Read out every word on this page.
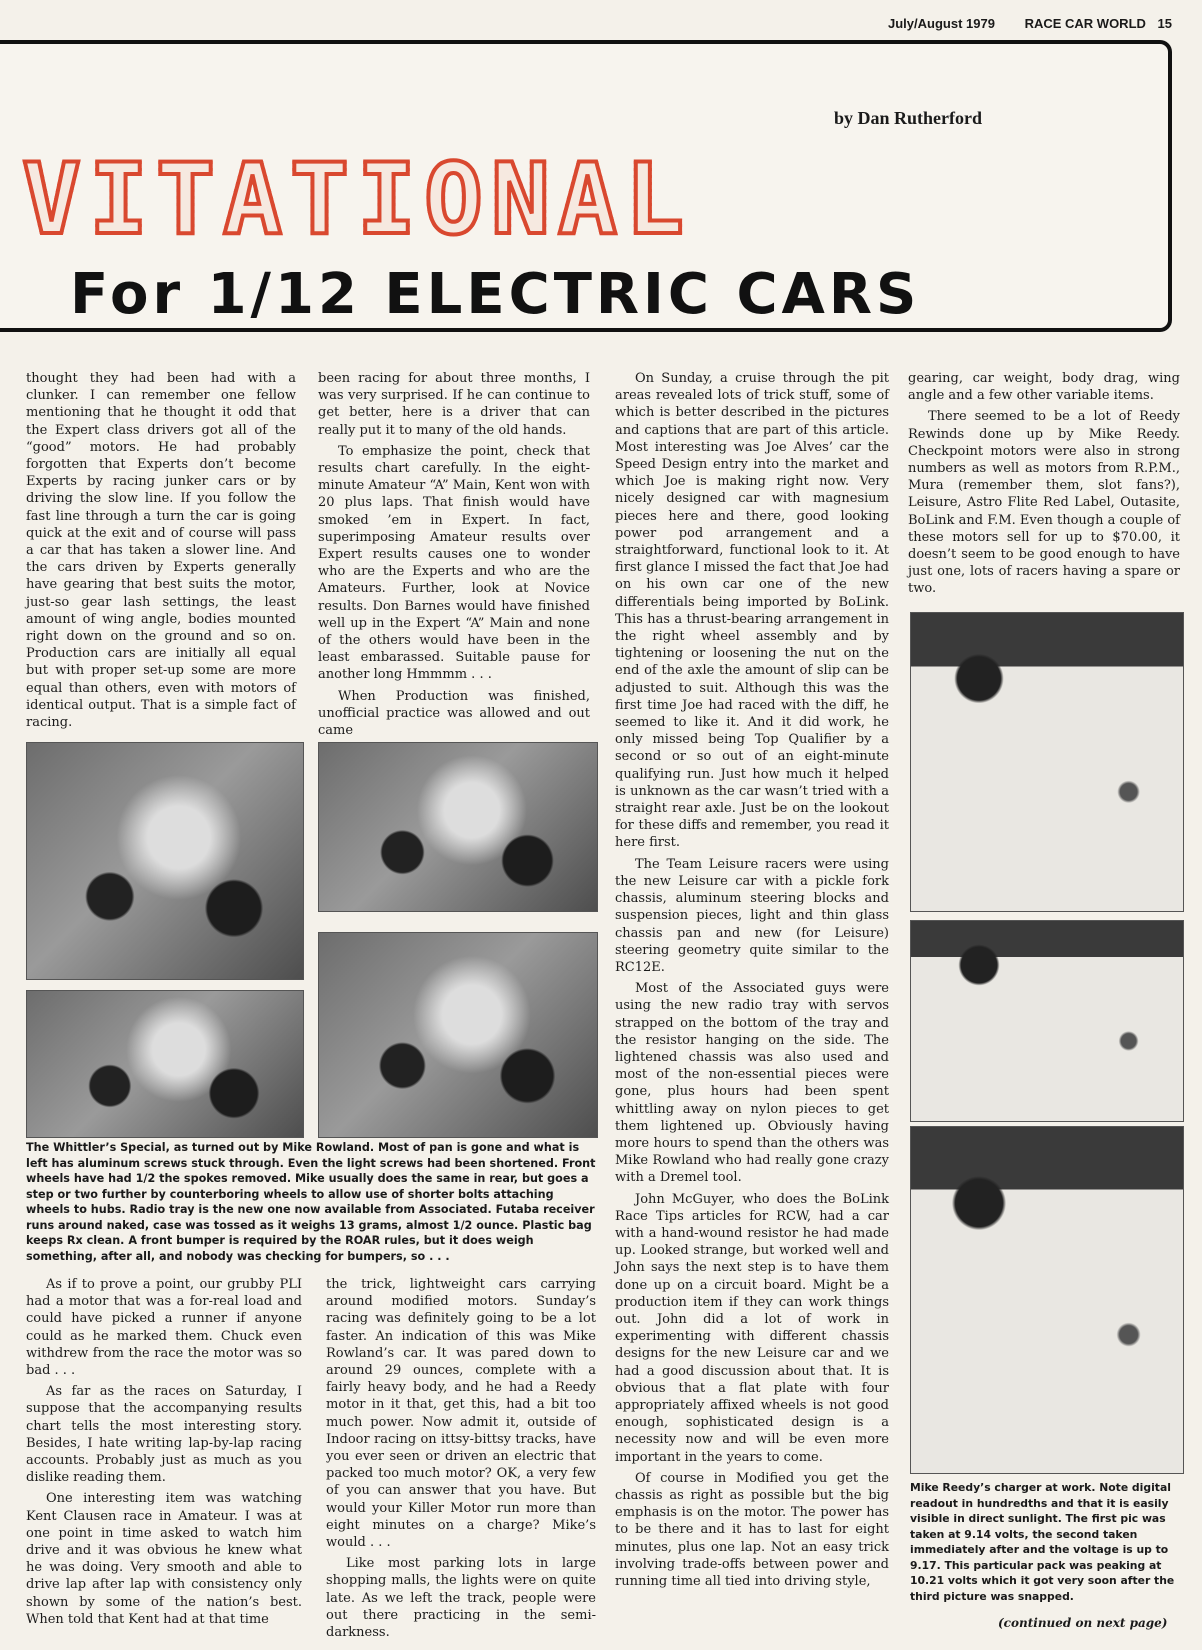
July/August 1979 RACE CAR WORLD 15
by Dan Rutherford
VITATIONAL
For 1/12 ELECTRIC CARS

thought they had been had with a clunker. I can remember one fellow mentioning that he thought it odd that the Expert class drivers got all of the “good” motors. He had probably forgotten that Experts don’t become Experts by racing junker cars or by driving the slow line. If you follow the fast line through a turn the car is going quick at the exit and of course will pass a car that has taken a slower line. And the cars driven by Experts generally have gearing that best suits the motor, just-so gear lash settings, the least amount of wing angle, bodies mounted right down on the ground and so on. Production cars are initially all equal but with proper set-up some are more equal than others, even with motors of identical output. That is a simple fact of racing.

been racing for about three months, I was very surprised. If he can continue to get better, here is a driver that can really put it to many of the old hands.

To emphasize the point, check that results chart carefully. In the eight-minute Amateur “A” Main, Kent won with 20 plus laps. That finish would have smoked ’em in Expert. In fact, superimposing Amateur results over Expert results causes one to wonder who are the Experts and who are the Amateurs. Further, look at Novice results. Don Barnes would have finished well up in the Expert “A” Main and none of the others would have been in the least embarassed. Suitable pause for another long Hmmmm . . .

When Production was finished, unofficial practice was allowed and out came

On Sunday, a cruise through the pit areas revealed lots of trick stuff, some of which is better described in the pictures and captions that are part of this article. Most interesting was Joe Alves’ car the Speed Design entry into the market and which Joe is making right now. Very nicely designed car with magnesium pieces here and there, good looking power pod arrangement and a straightforward, functional look to it. At first glance I missed the fact that Joe had on his own car one of the new differentials being imported by BoLink. This has a thrust-bearing arrangement in the right wheel assembly and by tightening or loosening the nut on the end of the axle the amount of slip can be adjusted to suit. Although this was the first time Joe had raced with the diff, he seemed to like it. And it did work, he only missed being Top Qualifier by a second or so out of an eight-minute qualifying run. Just how much it helped is unknown as the car wasn’t tried with a straight rear axle. Just be on the lookout for these diffs and remember, you read it here first.

The Team Leisure racers were using the new Leisure car with a pickle fork chassis, aluminum steering blocks and suspension pieces, light and thin glass chassis pan and new (for Leisure) steering geometry quite similar to the RC12E.

Most of the Associated guys were using the new radio tray with servos strapped on the bottom of the tray and the resistor hanging on the side. The lightened chassis was also used and most of the non-essential pieces were gone, plus hours had been spent whittling away on nylon pieces to get them lightened up. Obviously having more hours to spend than the others was Mike Rowland who had really gone crazy with a Dremel tool.

John McGuyer, who does the BoLink Race Tips articles for RCW, had a car with a hand-wound resistor he had made up. Looked strange, but worked well and John says the next step is to have them done up on a circuit board. Might be a production item if they can work things out. John did a lot of work in experimenting with different chassis designs for the new Leisure car and we had a good discussion about that. It is obvious that a flat plate with four appropriately affixed wheels is not good enough, sophisticated design is a necessity now and will be even more important in the years to come.

Of course in Modified you get the chassis as right as possible but the big emphasis is on the motor. The power has to be there and it has to last for eight minutes, plus one lap. Not an easy trick involving trade-offs between power and running time all tied into driving style,

gearing, car weight, body drag, wing angle and a few other variable items.

There seemed to be a lot of Reedy Rewinds done up by Mike Reedy. Checkpoint motors were also in strong numbers as well as motors from R.P.M., Mura (remember them, slot fans?), Leisure, Astro Flite Red Label, Outasite, BoLink and F.M. Even though a couple of these motors sell for up to $70.00, it doesn’t seem to be good enough to have just one, lots of racers having a spare or two.

The Whittler’s Special, as turned out by Mike Rowland. Most of pan is gone and what is left has aluminum screws stuck through. Even the light screws had been shortened. Front wheels have had 1/2 the spokes removed. Mike usually does the same in rear, but goes a step or two further by counterboring wheels to allow use of shorter bolts attaching wheels to hubs. Radio tray is the new one now available from Associated. Futaba receiver runs around naked, case was tossed as it weighs 13 grams, almost 1/2 ounce. Plastic bag keeps Rx clean. A front bumper is required by the ROAR rules, but it does weigh something, after all, and nobody was checking for bumpers, so . . .

As if to prove a point, our grubby PLI had a motor that was a for-real load and could have picked a runner if anyone could as he marked them. Chuck even withdrew from the race the motor was so bad . . .

As far as the races on Saturday, I suppose that the accompanying results chart tells the most interesting story. Besides, I hate writing lap-by-lap racing accounts. Probably just as much as you dislike reading them.

One interesting item was watching Kent Clausen race in Amateur. I was at one point in time asked to watch him drive and it was obvious he knew what he was doing. Very smooth and able to drive lap after lap with consistency only shown by some of the nation’s best. When told that Kent had at that time

the trick, lightweight cars carrying around modified motors. Sunday’s racing was definitely going to be a lot faster. An indication of this was Mike Rowland’s car. It was pared down to around 29 ounces, complete with a fairly heavy body, and he had a Reedy motor in it that, get this, had a bit too much power. Now admit it, outside of Indoor racing on ittsy-bittsy tracks, have you ever seen or driven an electric that packed too much motor? OK, a very few of you can answer that you have. But would your Killer Motor run more than eight minutes on a charge? Mike’s would . . .

Like most parking lots in large shopping malls, the lights were on quite late. As we left the track, people were out there practicing in the semi-darkness.

Mike Reedy’s charger at work. Note digital readout in hundredths and that it is easily visible in direct sunlight. The first pic was taken at 9.14 volts, the second taken immediately after and the voltage is up to 9.17. This particular pack was peaking at 10.21 volts which it got very soon after the third picture was snapped.
(continued on next page)
